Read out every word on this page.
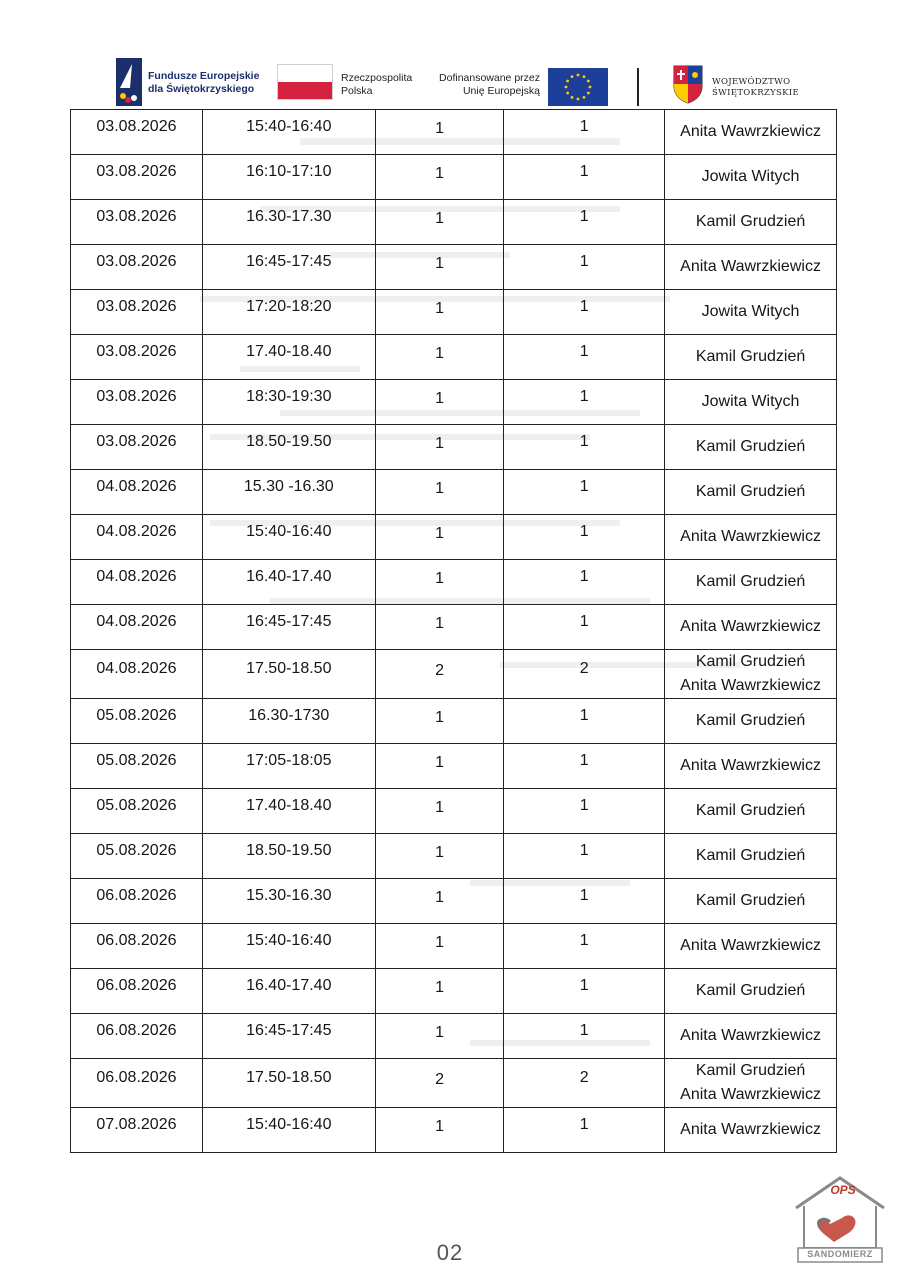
Fundusze Europejskie
dla Świętokrzyskiego
Rzeczpospolita
Polska
Dofinansowane przez
Unię Europejską
WOJEWÓDZTWO
ŚWIĘTOKRZYSKIE
03.08.2026	15:40-16:40	1	1	Anita Wawrzkiewicz

03.08.2026	16:10-17:10	1	1	Jowita Witych

03.08.2026	16.30-17.30	1	1	Kamil Grudzień

03.08.2026	16:45-17:45	1	1	Anita Wawrzkiewicz

03.08.2026	17:20-18:20	1	1	Jowita Witych

03.08.2026	17.40-18.40	1	1	Kamil Grudzień

03.08.2026	18:30-19:30	1	1	Jowita Witych

03.08.2026	18.50-19.50	1	1	Kamil Grudzień

04.08.2026	15.30 -16.30	1	1	Kamil Grudzień

04.08.2026	15:40-16:40	1	1	Anita Wawrzkiewicz

04.08.2026	16.40-17.40	1	1	Kamil Grudzień

04.08.2026	16:45-17:45	1	1	Anita Wawrzkiewicz

04.08.2026	17.50-18.50	2	2	Kamil Grudzień
Anita Wawrzkiewicz

05.08.2026	16.30-1730	1	1	Kamil Grudzień

05.08.2026	17:05-18:05	1	1	Anita Wawrzkiewicz

05.08.2026	17.40-18.40	1	1	Kamil Grudzień

05.08.2026	18.50-19.50	1	1	Kamil Grudzień

06.08.2026	15.30-16.30	1	1	Kamil Grudzień

06.08.2026	15:40-16:40	1	1	Anita Wawrzkiewicz

06.08.2026	16.40-17.40	1	1	Kamil Grudzień

06.08.2026	16:45-17:45	1	1	Anita Wawrzkiewicz

06.08.2026	17.50-18.50	2	2	Kamil Grudzień
Anita Wawrzkiewicz

07.08.2026	15:40-16:40	1	1	Anita Wawrzkiewicz
02
OPS
SANDOMIERZ
